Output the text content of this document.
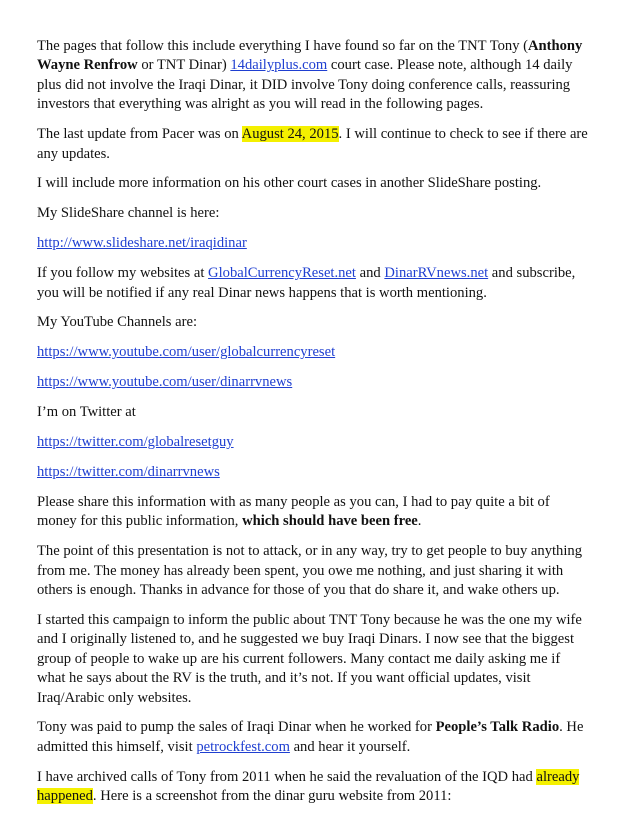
The pages that follow this include everything I have found so far on the TNT Tony (Anthony Wayne Renfrow or TNT Dinar) 14dailyplus.com court case. Please note, although 14 daily plus did not involve the Iraqi Dinar, it DID involve Tony doing conference calls, reassuring investors that everything was alright as you will read in the following pages.

The last update from Pacer was on August 24, 2015. I will continue to check to see if there are any updates.

I will include more information on his other court cases in another SlideShare posting.

My SlideShare channel is here:

http://www.slideshare.net/iraqidinar

If you follow my websites at GlobalCurrencyReset.net and DinarRVnews.net and subscribe, you will be notified if any real Dinar news happens that is worth mentioning.

My YouTube Channels are:

https://www.youtube.com/user/globalcurrencyreset

https://www.youtube.com/user/dinarrvnews

I’m on Twitter at

https://twitter.com/globalresetguy

https://twitter.com/dinarrvnews

Please share this information with as many people as you can, I had to pay quite a bit of money for this public information, which should have been free.

The point of this presentation is not to attack, or in any way, try to get people to buy anything from me. The money has already been spent, you owe me nothing, and just sharing it with others is enough. Thanks in advance for those of you that do share it, and wake others up.

I started this campaign to inform the public about TNT Tony because he was the one my wife and I originally listened to, and he suggested we buy Iraqi Dinars. I now see that the biggest group of people to wake up are his current followers. Many contact me daily asking me if what he says about the RV is the truth, and it’s not. If you want official updates, visit Iraq/Arabic only websites.

Tony was paid to pump the sales of Iraqi Dinar when he worked for People’s Talk Radio. He admitted this himself, visit petrockfest.com and hear it yourself.

I have archived calls of Tony from 2011 when he said the revaluation of the IQD had already happened. Here is a screenshot from the dinar guru website from 2011:
